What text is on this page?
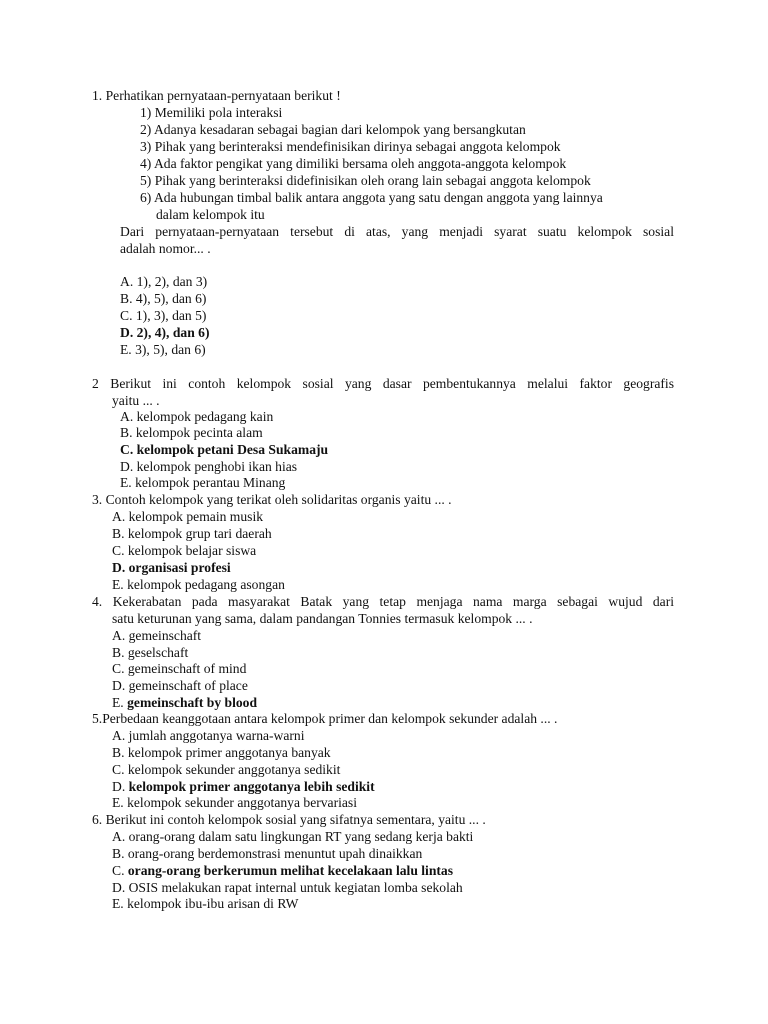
1. Perhatikan pernyataan-pernyataan berikut !
1) Memiliki pola interaksi
2) Adanya kesadaran sebagai bagian dari kelompok yang bersangkutan
3) Pihak yang berinteraksi mendefinisikan dirinya sebagai anggota kelompok
4) Ada faktor pengikat yang dimiliki bersama oleh anggota-anggota kelompok
5) Pihak yang berinteraksi didefinisikan oleh orang lain sebagai anggota kelompok
6) Ada hubungan timbal balik antara anggota yang satu dengan anggota yang lainnya
dalam kelompok itu
Dari pernyataan-pernyataan tersebut di atas, yang menjadi syarat suatu kelompok sosial
adalah nomor... .
A. 1), 2), dan 3)
B. 4), 5), dan 6)
C. 1), 3), dan 5)
D. 2), 4), dan 6)
E. 3), 5), dan 6)
2 Berikut ini contoh kelompok sosial yang dasar pembentukannya melalui faktor geografis
yaitu ... .
A. kelompok pedagang kain
B. kelompok pecinta alam
C. kelompok petani Desa Sukamaju
D. kelompok penghobi ikan hias
E. kelompok perantau Minang
3. Contoh kelompok yang terikat oleh solidaritas organis yaitu ... .
A. kelompok pemain musik
B. kelompok grup tari daerah
C. kelompok belajar siswa
D. organisasi profesi
E. kelompok pedagang asongan
4. Kekerabatan pada masyarakat Batak yang tetap menjaga nama marga sebagai wujud dari
satu keturunan yang sama, dalam pandangan Tonnies termasuk kelompok ... .
A. gemeinschaft
B. geselschaft
C. gemeinschaft of mind
D. gemeinschaft of place
E. gemeinschaft by blood
5.Perbedaan keanggotaan antara kelompok primer dan kelompok sekunder adalah ... .
A. jumlah anggotanya warna-warni
B. kelompok primer anggotanya banyak
C. kelompok sekunder anggotanya sedikit
D. kelompok primer anggotanya lebih sedikit
E. kelompok sekunder anggotanya bervariasi
6. Berikut ini contoh kelompok sosial yang sifatnya sementara, yaitu ... .
A. orang-orang dalam satu lingkungan RT yang sedang kerja bakti
B. orang-orang berdemonstrasi menuntut upah dinaikkan
C. orang-orang berkerumun melihat kecelakaan lalu lintas
D. OSIS melakukan rapat internal untuk kegiatan lomba sekolah
E. kelompok ibu-ibu arisan di RW
